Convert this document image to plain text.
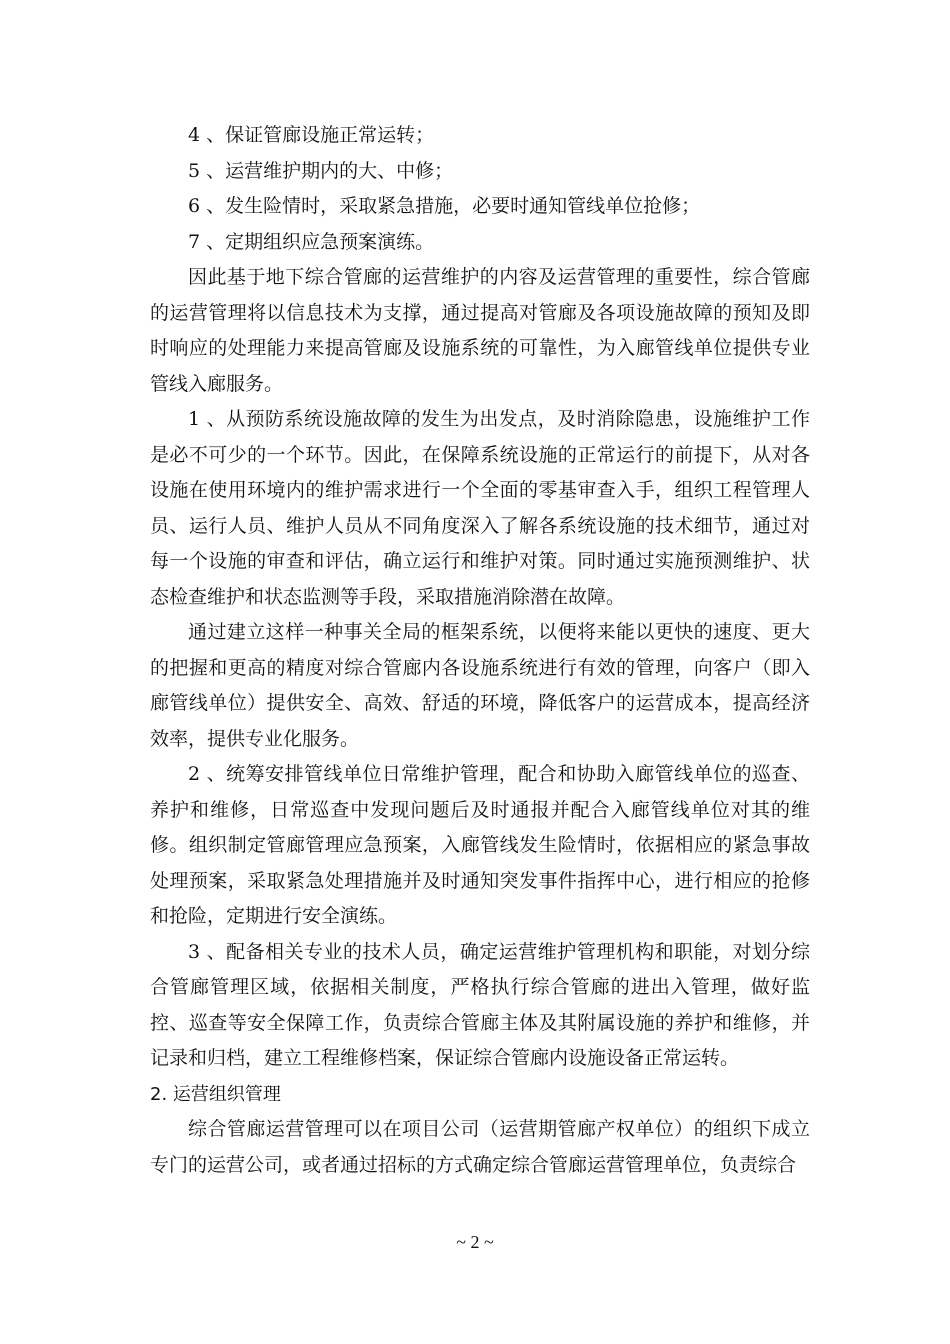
4 、保证管廊设施正常运转；

5 、运营维护期内的大、中修；

6 、发生险情时，采取紧急措施，必要时通知管线单位抢修；

7 、定期组织应急预案演练。

因此基于地下综合管廊的运营维护的内容及运营管理的重要性，综合管廊的运营管理将以信息技术为支撑，通过提高对管廊及各项设施故障的预知及即时响应的处理能力来提高管廊及设施系统的可靠性，为入廊管线单位提供专业管线入廊服务。

1 、从预防系统设施故障的发生为出发点，及时消除隐患，设施维护工作是必不可少的一个环节。因此，在保障系统设施的正常运行的前提下，从对各设施在使用环境内的维护需求进行一个全面的零基审查入手，组织工程管理人员、运行人员、维护人员从不同角度深入了解各系统设施的技术细节，通过对每一个设施的审查和评估，确立运行和维护对策。同时通过实施预测维护、状态检查维护和状态监测等手段，采取措施消除潜在故障。

通过建立这样一种事关全局的框架系统，以便将来能以更快的速度、更大的把握和更高的精度对综合管廊内各设施系统进行有效的管理，向客户（即入廊管线单位）提供安全、高效、舒适的环境，降低客户的运营成本，提高经济效率，提供专业化服务。

2 、统筹安排管线单位日常维护管理，配合和协助入廊管线单位的巡查、养护和维修，日常巡查中发现问题后及时通报并配合入廊管线单位对其的维修。组织制定管廊管理应急预案，入廊管线发生险情时，依据相应的紧急事故处理预案，采取紧急处理措施并及时通知突发事件指挥中心，进行相应的抢修和抢险，定期进行安全演练。

3 、配备相关专业的技术人员，确定运营维护管理机构和职能，对划分综合管廊管理区域，依据相关制度，严格执行综合管廊的进出入管理，做好监控、巡查等安全保障工作，负责综合管廊主体及其附属设施的养护和维修，并记录和归档，建立工程维修档案，保证综合管廊内设施设备正常运转。

2. 运营组织管理

综合管廊运营管理可以在项目公司（运营期管廊产权单位）的组织下成立专门的运营公司，或者通过招标的方式确定综合管廊运营管理单位，负责综合

~ 2 ~
